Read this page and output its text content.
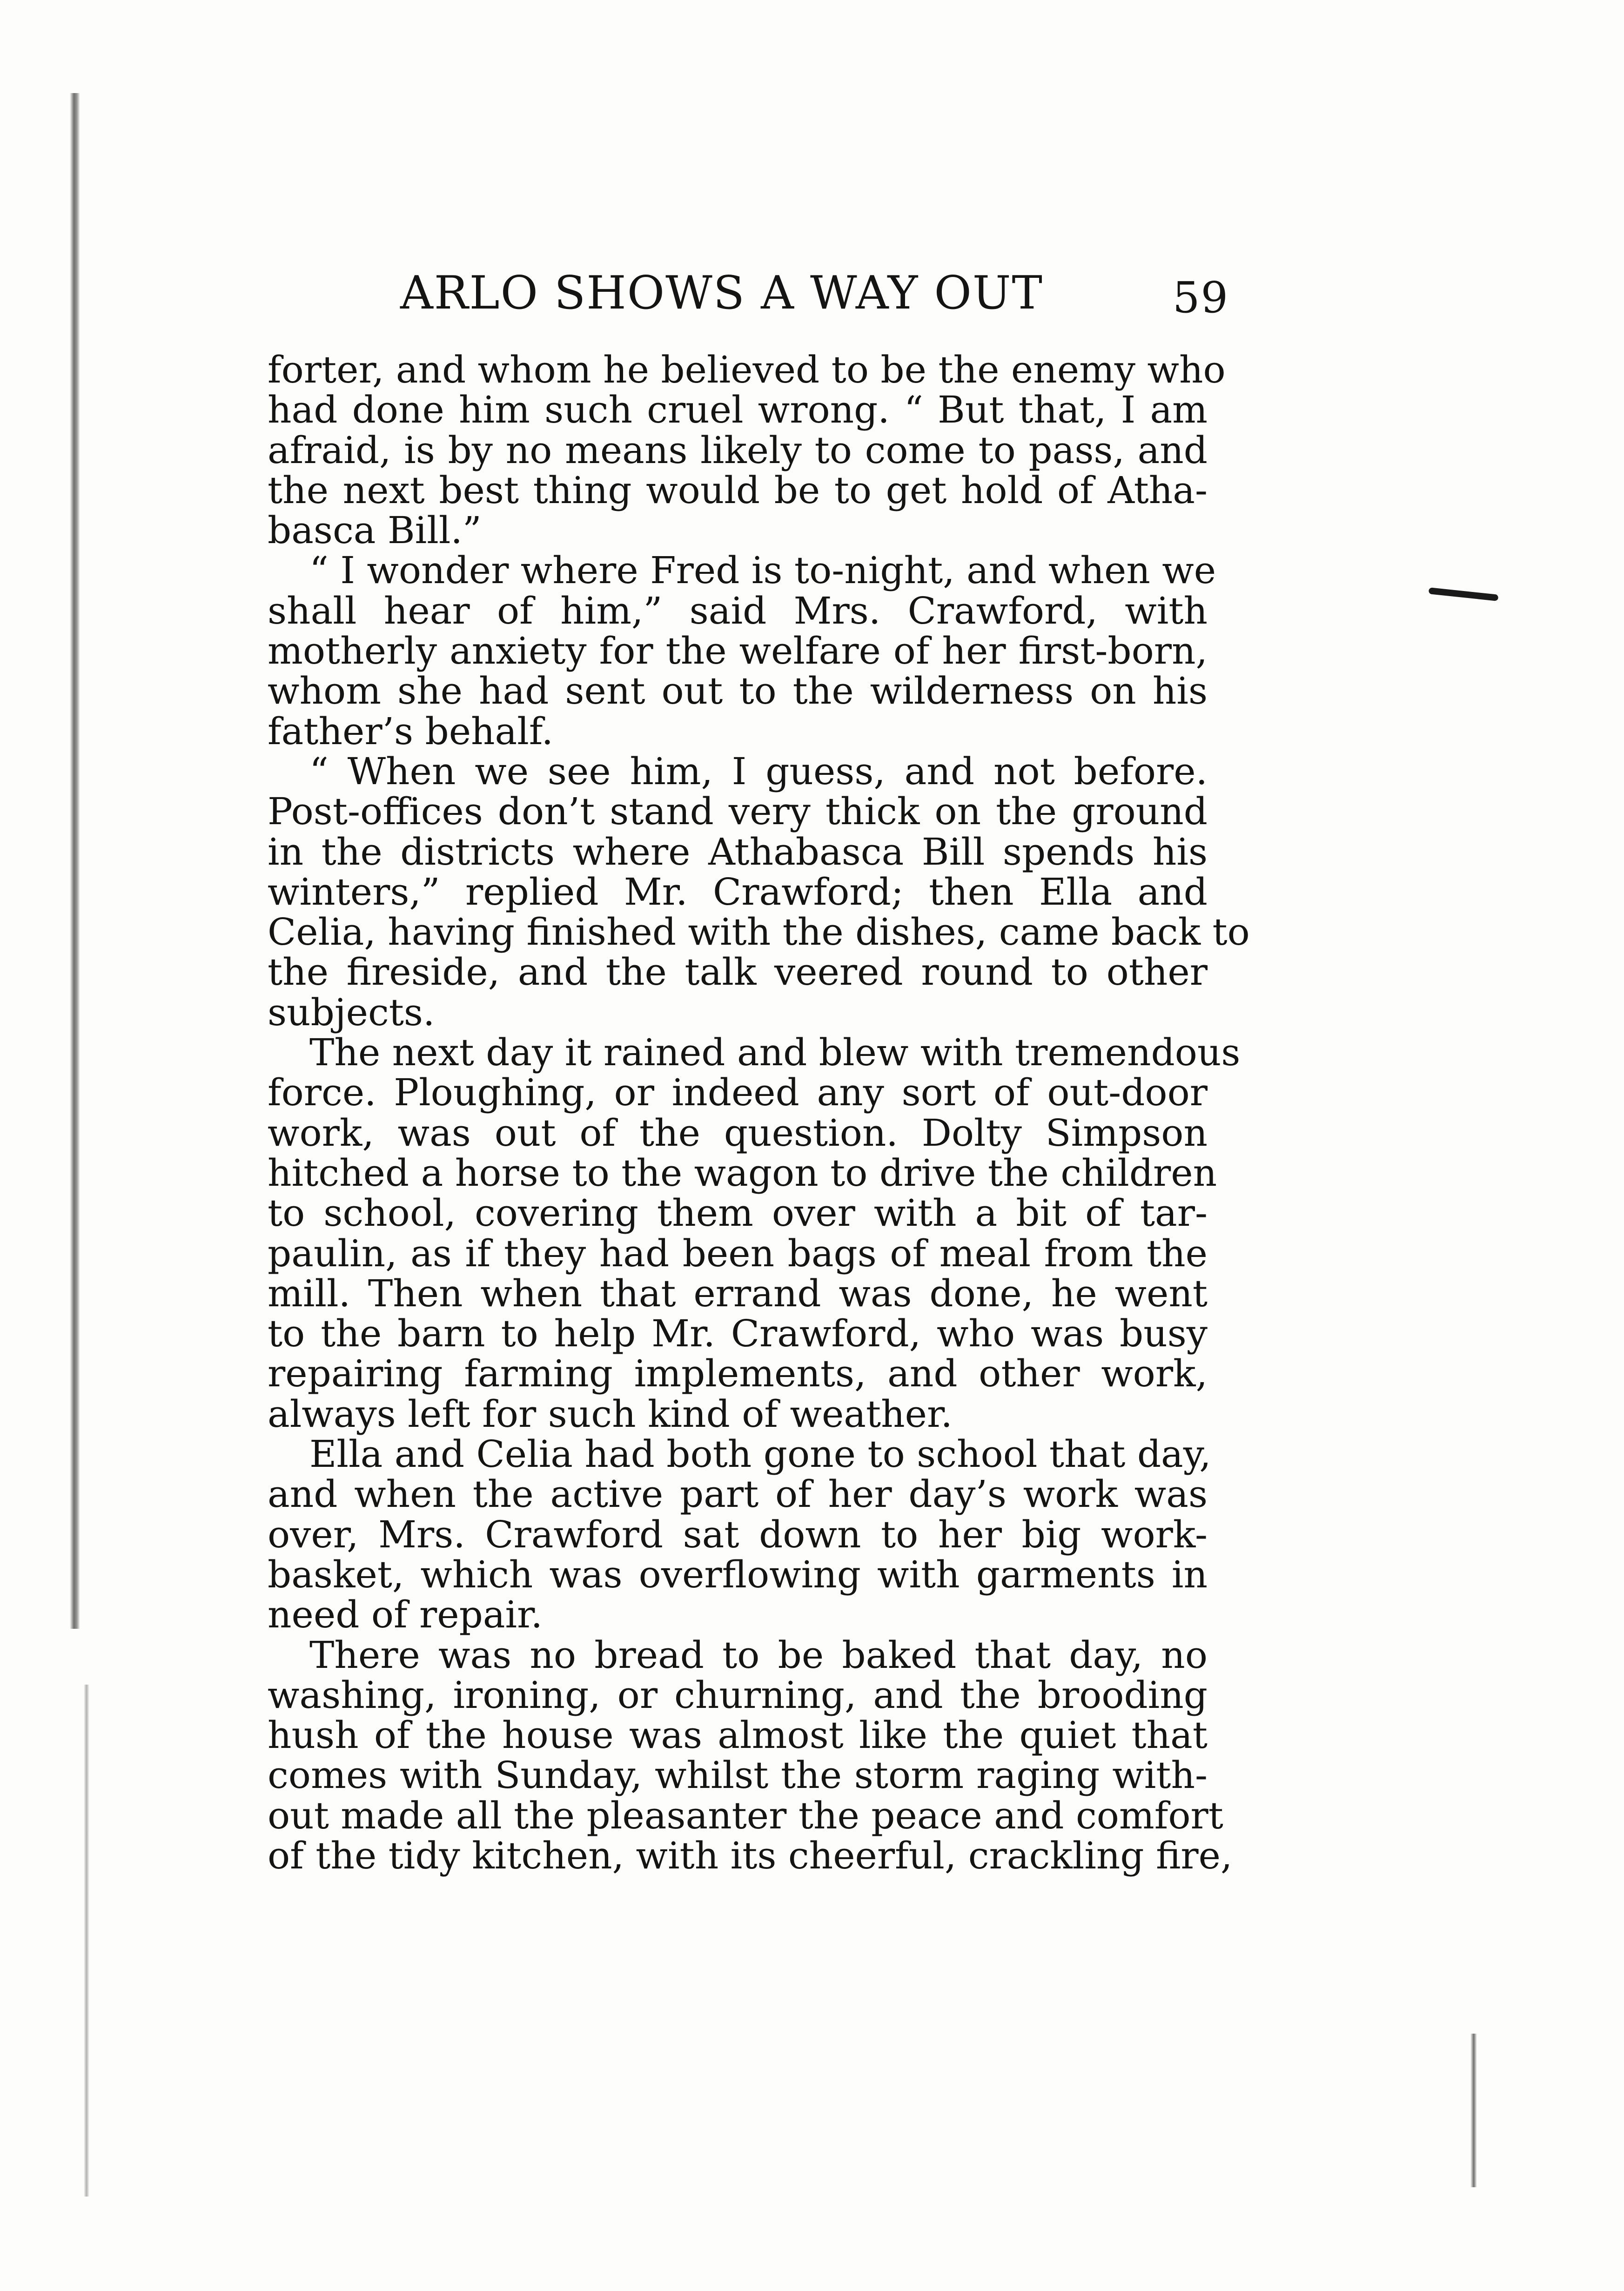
ARLO SHOWS A WAY OUT	59
forter, and whom he believed to be the enemy who
had done him such cruel wrong. “ But that, I am
afraid, is by no means likely to come to pass, and
the next best thing would be to get hold of Atha-
basca Bill.”
“ I wonder where Fred is to-night, and when we
shall hear of him,” said Mrs. Crawford, with
motherly anxiety for the welfare of her first-born,
whom she had sent out to the wilderness on his
father’s behalf.
“ When we see him, I guess, and not before.
Post-offices don’t stand very thick on the ground
in the districts where Athabasca Bill spends his
winters,” replied Mr. Crawford; then Ella and
Celia, having finished with the dishes, came back to
the fireside, and the talk veered round to other
subjects.
The next day it rained and blew with tremendous
force. Ploughing, or indeed any sort of out-door
work, was out of the question. Dolty Simpson
hitched a horse to the wagon to drive the children
to school, covering them over with a bit of tar-
paulin, as if they had been bags of meal from the
mill. Then when that errand was done, he went
to the barn to help Mr. Crawford, who was busy
repairing farming implements, and other work,
always left for such kind of weather.
Ella and Celia had both gone to school that day,
and when the active part of her day’s work was
over, Mrs. Crawford sat down to her big work-
basket, which was overflowing with garments in
need of repair.
There was no bread to be baked that day, no
washing, ironing, or churning, and the brooding
hush of the house was almost like the quiet that
comes with Sunday, whilst the storm raging with-
out made all the pleasanter the peace and comfort
of the tidy kitchen, with its cheerful, crackling fire,
